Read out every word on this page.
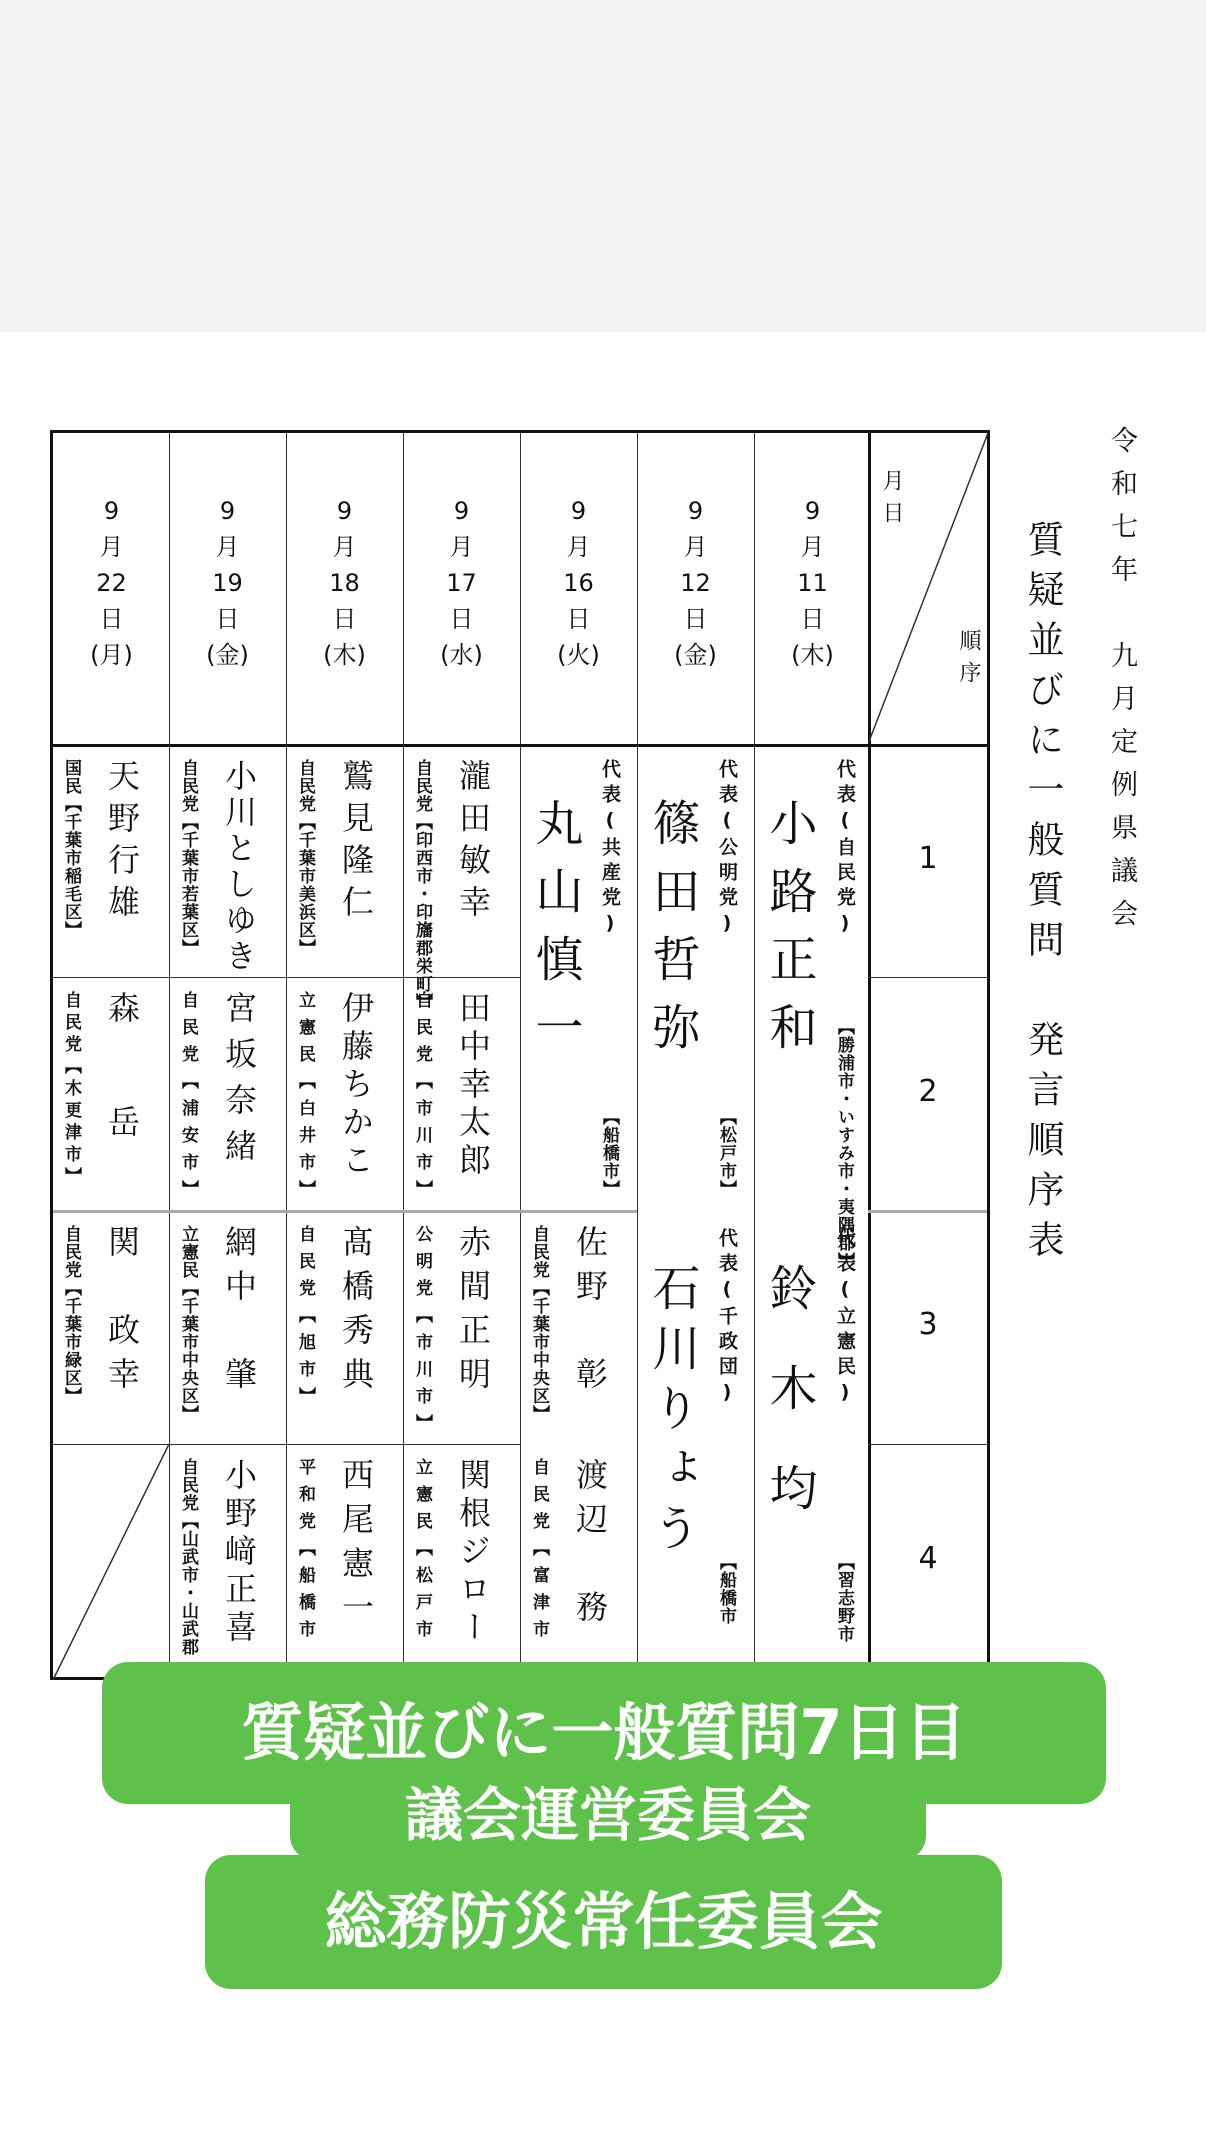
令和七年　九月定例県議会
質疑並びに一般質問　発言順序表
月日
順序
9
月
11
日
(木)
9
月
12
日
(金)
9
月
16
日
(火)
9
月
17
日
(水)
9
月
18
日
(木)
9
月
19
日
(金)
9
月
22
日
(月)
1
2
3
4
代表(自民党)
小路正和
【勝浦市・いすみ市・夷隅郡】
代表(公明党)
篠田哲弥
【松戸市】
代表(共産党)
丸山慎一
【船橋市】
代表(立憲民)
鈴木均
【習志野市
代表(千政団)
石川りょう
【船橋市
自民党【印西市・印旛郡栄町】 瀧田敏幸
自民党【千葉市美浜区】 鷲見隆仁
自民党【千葉市若葉区】 小川としゆき
国民【千葉市稲毛区】 天野行雄
自民党【市川市】 田中幸太郎
立憲民【白井市】 伊藤ちかこ
自民党【浦安市】 宮坂奈緒
自民党【木更津市】 森　　岳
自民党【千葉市中央区】 佐野　彰
公明党【市川市】 赤間正明
自民党【旭市】 髙橋秀典
立憲民【千葉市中央区】 網中　肇
自民党【千葉市緑区】 関　政幸
自民党【富津市 渡辺　務
立憲民【松戸市 関根ジロー
平和党【船橋市 西尾憲一
自民党【山武市・山武郡 小野﨑正喜
質疑並びに一般質問7日目
総務防災常任委員会
議会運営委員会
